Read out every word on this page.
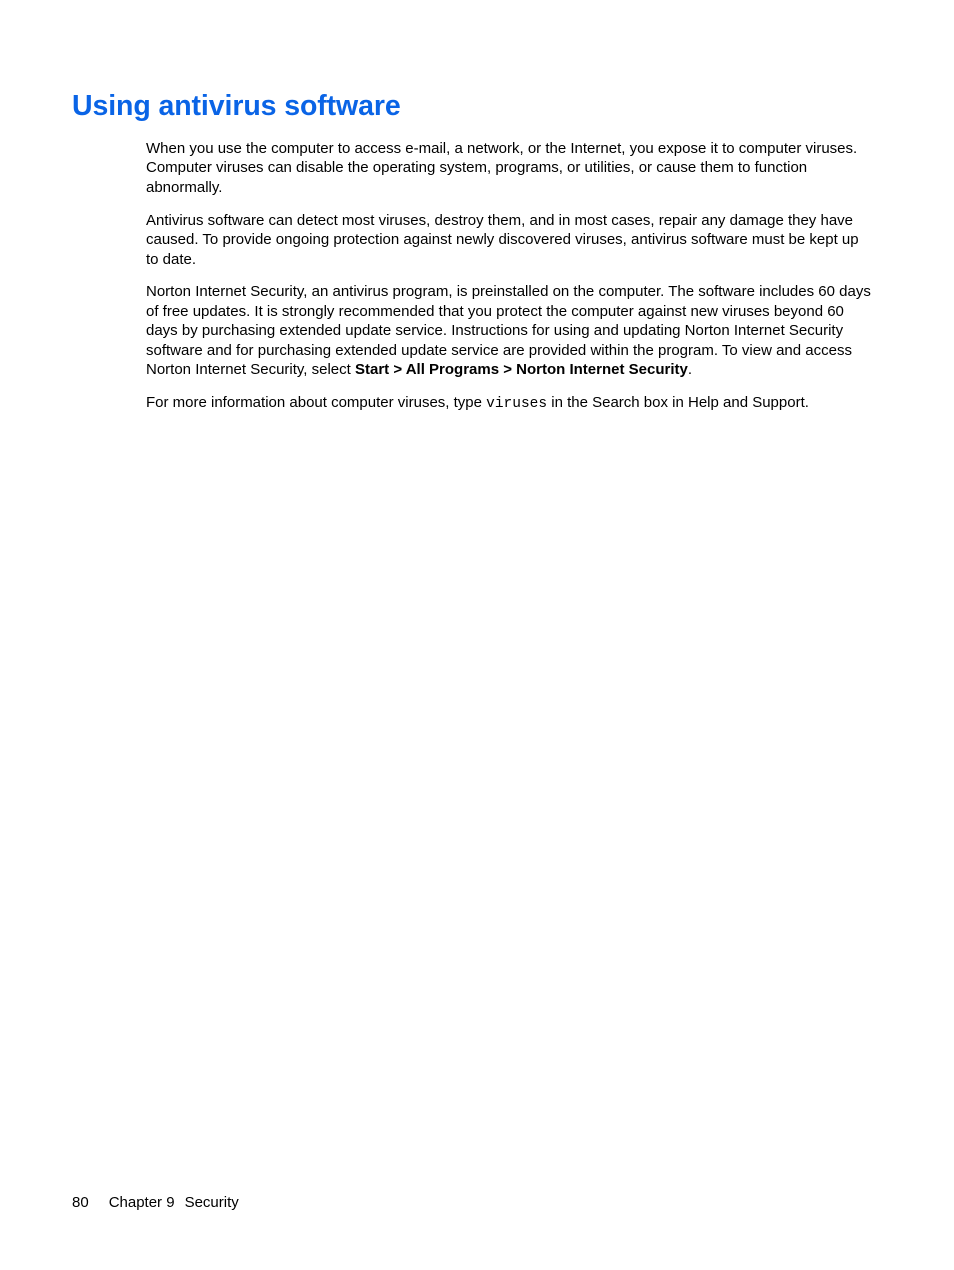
Using antivirus software

When you use the computer to access e-mail, a network, or the Internet, you expose it to computer viruses. Computer viruses can disable the operating system, programs, or utilities, or cause them to function abnormally.

Antivirus software can detect most viruses, destroy them, and in most cases, repair any damage they have caused. To provide ongoing protection against newly discovered viruses, antivirus software must be kept up to date.

Norton Internet Security, an antivirus program, is preinstalled on the computer. The software includes 60 days of free updates. It is strongly recommended that you protect the computer against new viruses beyond 60 days by purchasing extended update service. Instructions for using and updating Norton Internet Security software and for purchasing extended update service are provided within the program. To view and access Norton Internet Security, select Start > All Programs > Norton Internet Security.

For more information about computer viruses, type viruses in the Search box in Help and Support.

80 Chapter 9 Security
